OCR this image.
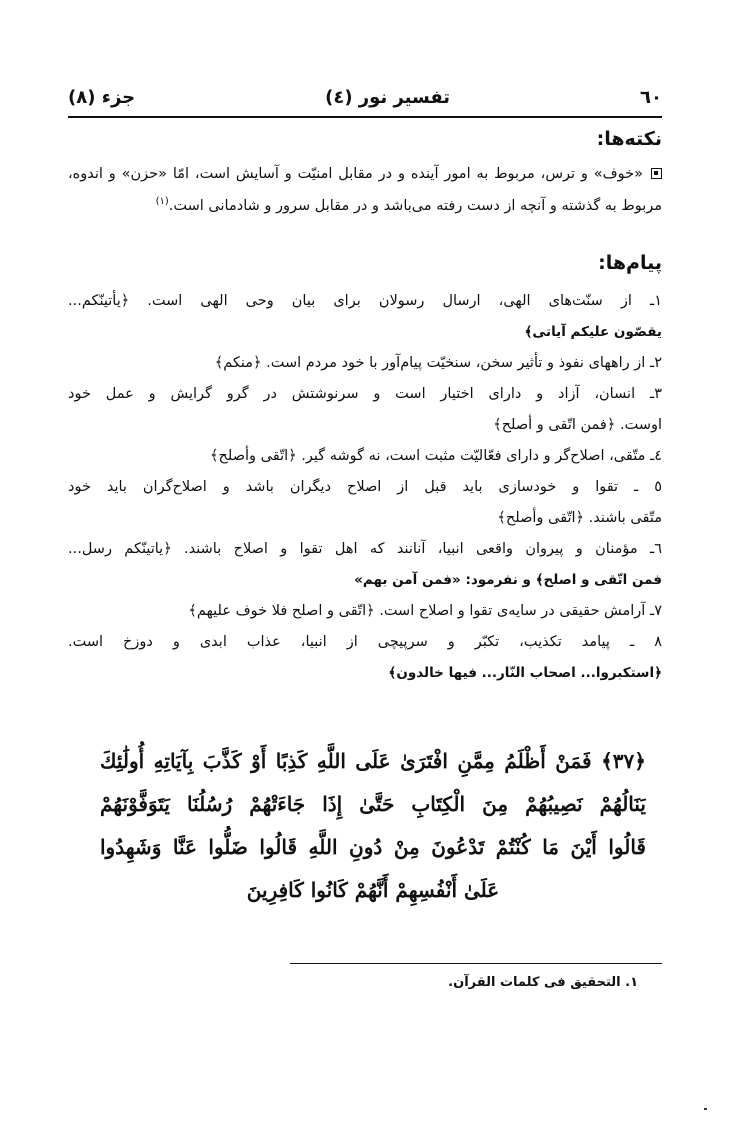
٦٠
تفسیر نور (٤)
جزء (٨)
نکته‌ها:
«خوف» و ترس، مربوط به امور آینده و در مقابل امنیّت و آسایش است، امّا «حزن» و اندوه، مربوط به گذشته و آنچه از دست رفته می‌باشد و در مقابل سرور و شادمانی است.$^{(١)}$
پیام‌ها:
١ـ از سنّت‌های الهی، ارسال رسولان برای بیان وحی الهی است. ﴿یأتینّکم...
یقصّون علیکم آیاتی﴾
٢ـ از راههای نفوذ و تأثیر سخن، سنخیّت پیام‌آور با خود مردم است. ﴿منکم﴾
٣ـ انسان، آزاد و دارای اختیار است و سرنوشتش در گرو گرایش و عمل خود
اوست. ﴿فمن اتّقی و أصلح﴾
٤ـ متّقی، اصلاح‌گر و دارای فعّالیّت مثبت است، نه گوشه گیر. ﴿اتّقی وأصلح﴾
٥ ـ تقوا و خودسازی باید قبل از اصلاح دیگران باشد و اصلاح‌گران باید خود
متّقی باشند. ﴿اتّقی وأصلح﴾
٦ـ مؤمنان و پیروان واقعی انبیا، آنانند که اهل تقوا و اصلاح باشند. ﴿یاتینّکم رسل...
فمن اتّقی و اصلح﴾ و نفرمود: «فمن آمن بهم»
٧ـ آرامش حقیقی در سایه‌ی تقوا و اصلاح است. ﴿اتّقی و اصلح فلا خوف علیهم﴾
٨ ـ پیامد تکذیب، تکبّر و سرپیچی از انبیا، عذاب ابدی و دوزخ است.
﴿استکبروا... اصحاب النّار... فیها خالدون﴾
﴿٣٧﴾ فَمَنْ أَظْلَمُ مِمَّنِ افْتَرَىٰ عَلَى اللَّهِ كَذِبًا أَوْ كَذَّبَ بِآيَاتِهِ أُولَٰئِكَ
يَنَالُهُمْ نَصِيبُهُمْ مِنَ الْكِتَابِ حَتَّىٰ إِذَا جَاءَتْهُمْ رُسُلُنَا يَتَوَفَّوْنَهُمْ
قَالُوا أَيْنَ مَا كُنْتُمْ تَدْعُونَ مِنْ دُونِ اللَّهِ قَالُوا ضَلُّوا عَنَّا وَشَهِدُوا
عَلَىٰ أَنْفُسِهِمْ أَنَّهُمْ كَانُوا كَافِرِينَ
١. التحقیق فی کلمات القرآن.
